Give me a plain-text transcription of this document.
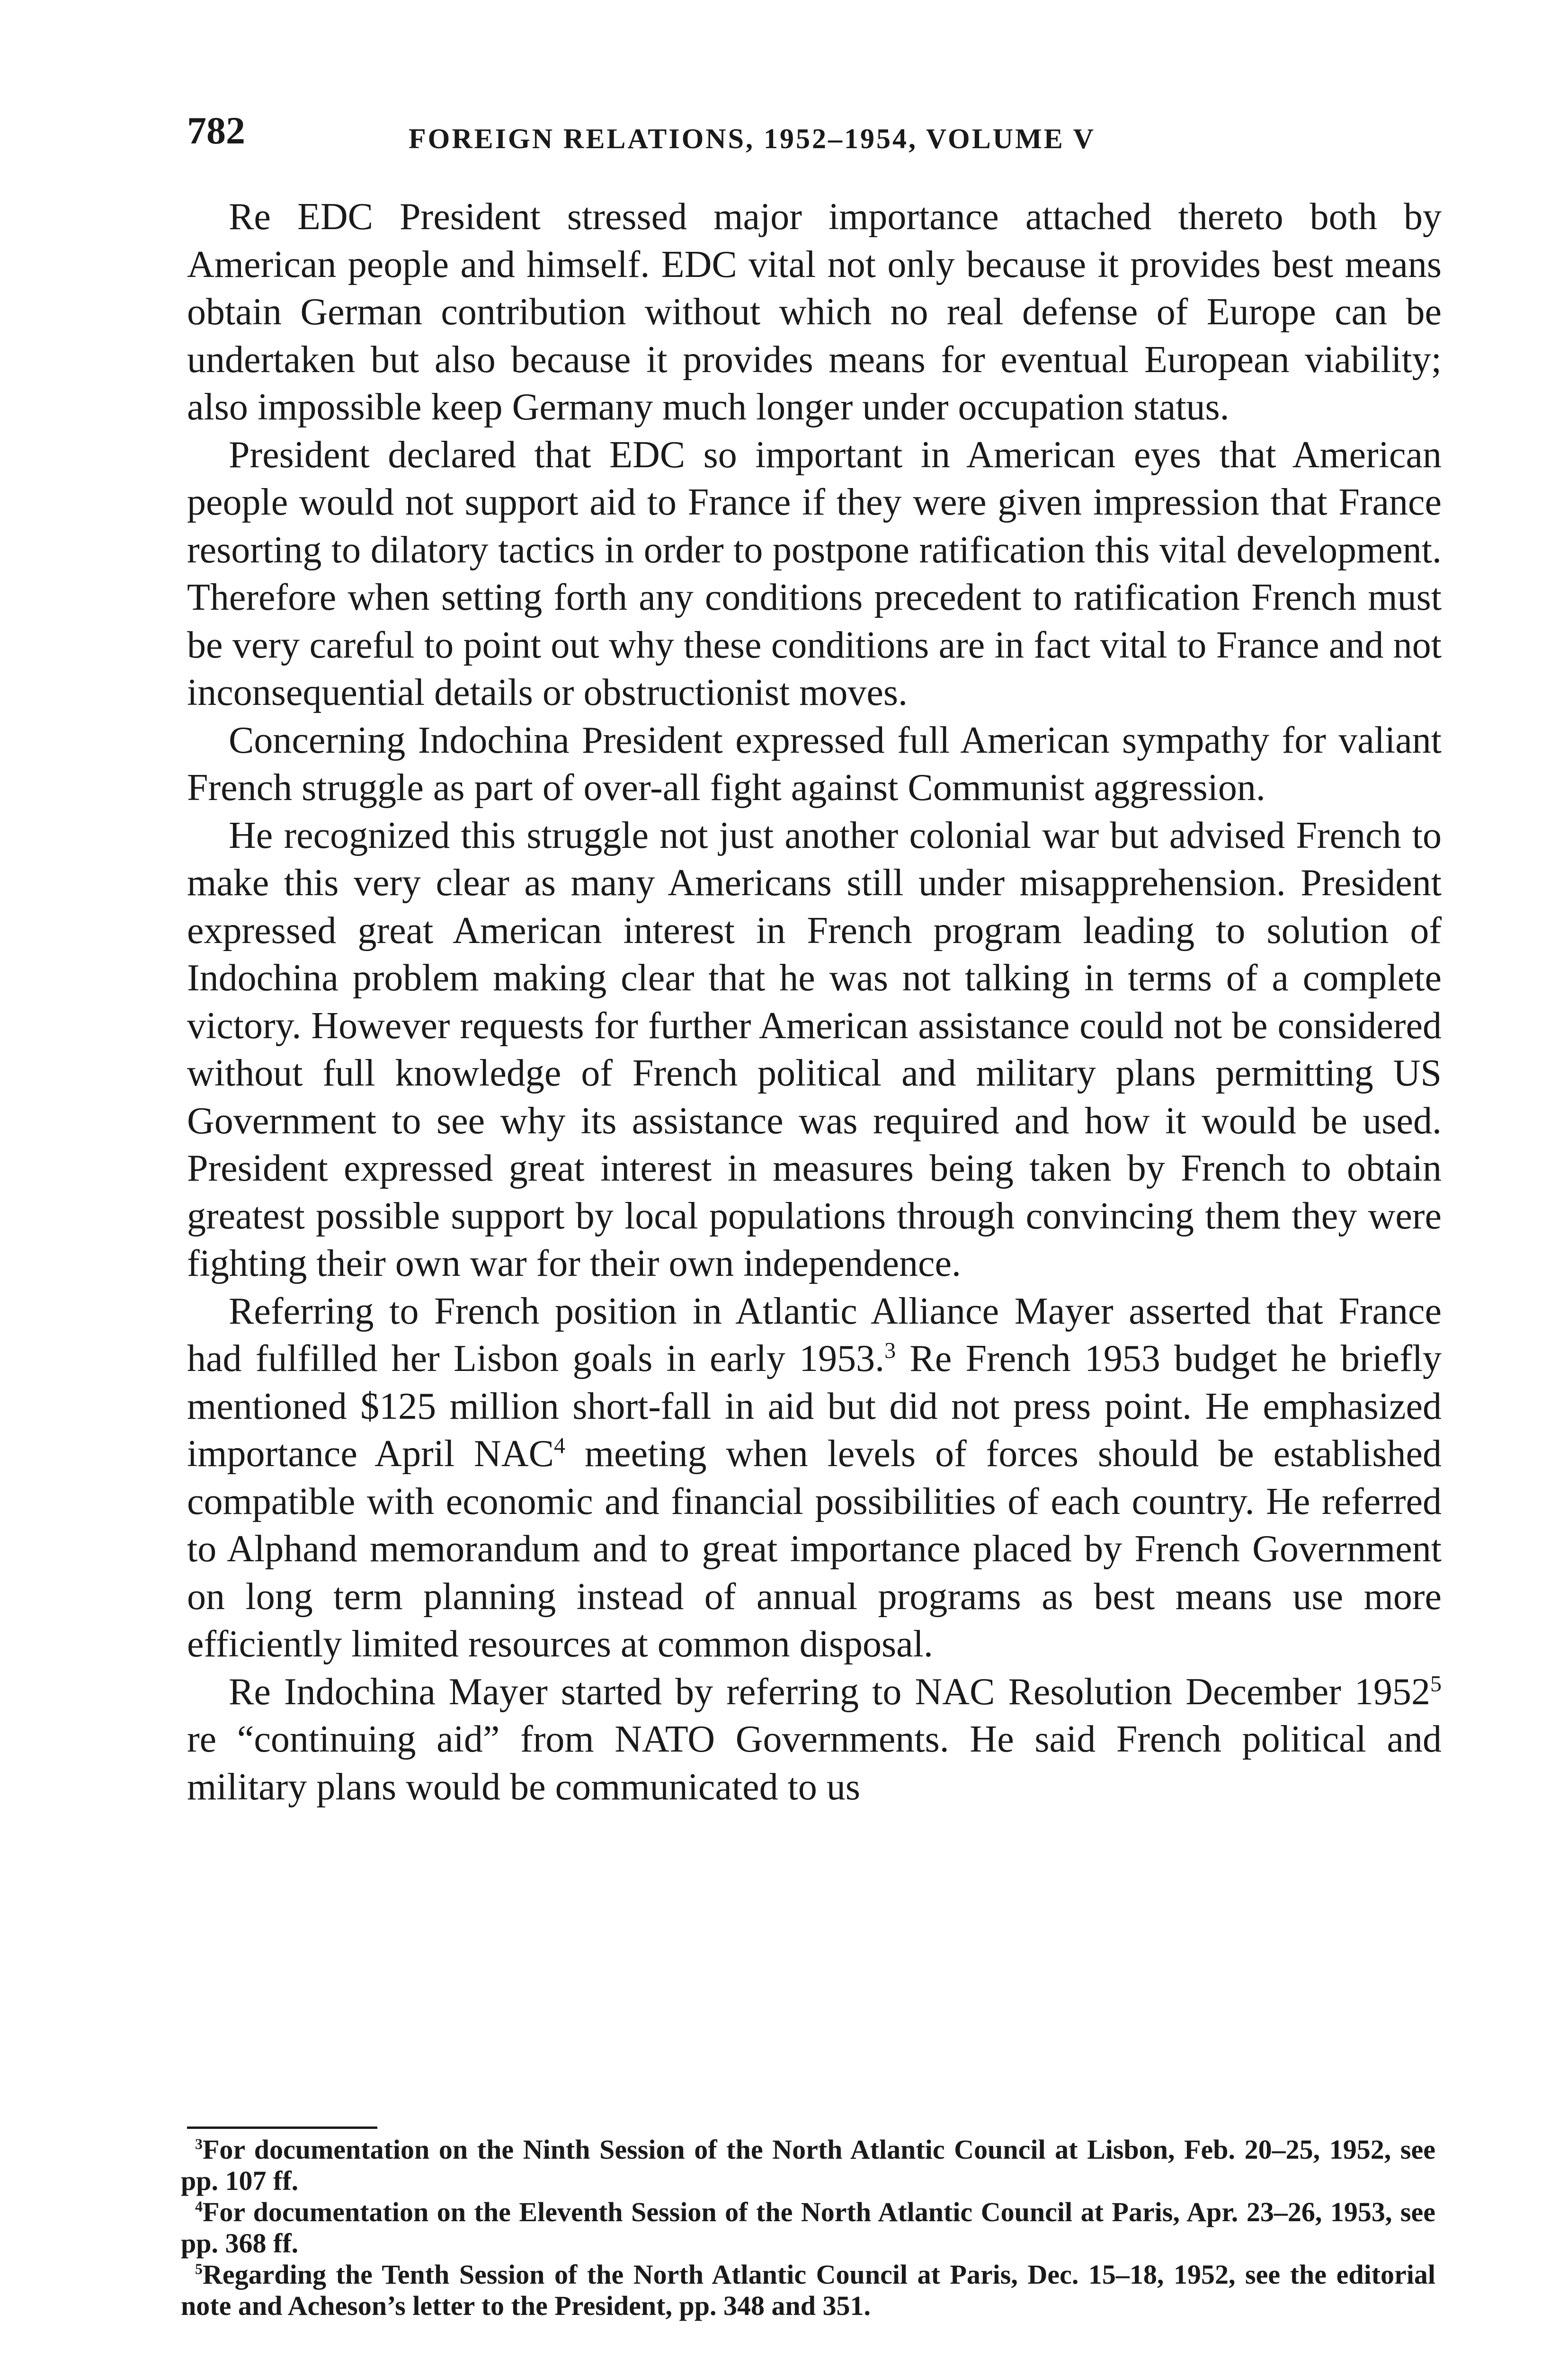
782	FOREIGN RELATIONS, 1952–1954, VOLUME V

Re EDC President stressed major importance attached thereto both by American people and himself. EDC vital not only because it provides best means obtain German contribution without which no real defense of Europe can be undertaken but also because it provides means for eventual European viability; also impossible keep Germany much longer under occupation status.

President declared that EDC so important in American eyes that American people would not support aid to France if they were given impression that France resorting to dilatory tactics in order to postpone ratification this vital development. Therefore when setting forth any conditions precedent to ratification French must be very careful to point out why these conditions are in fact vital to France and not inconsequential details or obstructionist moves.

Concerning Indochina President expressed full American sympathy for valiant French struggle as part of over-all fight against Communist aggression.

He recognized this struggle not just another colonial war but advised French to make this very clear as many Americans still under misapprehension. President expressed great American interest in French program leading to solution of Indochina problem making clear that he was not talking in terms of a complete victory. However requests for further American assistance could not be considered without full knowledge of French political and military plans permitting US Government to see why its assistance was required and how it would be used. President expressed great interest in measures being taken by French to obtain greatest possible support by local populations through convincing them they were fighting their own war for their own independence.

Referring to French position in Atlantic Alliance Mayer asserted that France had fulfilled her Lisbon goals in early 1953.$^3$ Re French 1953 budget he briefly mentioned $125 million short-fall in aid but did not press point. He emphasized importance April NAC$^4$ meeting when levels of forces should be established compatible with economic and financial possibilities of each country. He referred to Alphand memorandum and to great importance placed by French Government on long term planning instead of annual programs as best means use more efficiently limited resources at common disposal.

Re Indochina Mayer started by referring to NAC Resolution December 1952$^5$ re “continuing aid” from NATO Governments. He said French political and military plans would be communicated to us

$^3$For documentation on the Ninth Session of the North Atlantic Council at Lisbon, Feb. 20–25, 1952, see pp. 107 ff.

$^4$For documentation on the Eleventh Session of the North Atlantic Council at Paris, Apr. 23–26, 1953, see pp. 368 ff.

$^5$Regarding the Tenth Session of the North Atlantic Council at Paris, Dec. 15–18, 1952, see the editorial note and Acheson’s letter to the President, pp. 348 and 351.
